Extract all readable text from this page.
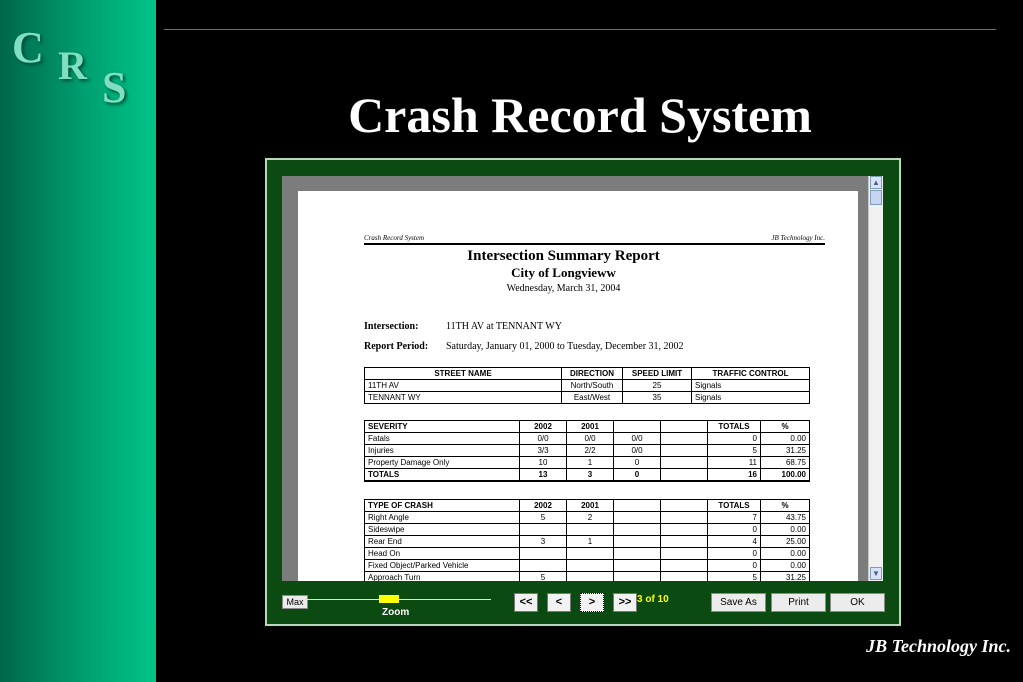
C R S	Crash Record System
Crash Record System	JB Technology Inc.
Intersection Summary Report
City of Longvieww
Wednesday, March 31, 2004
Intersection:	11TH AV at TENNANT WY
Report Period: Saturday, January 01, 2000 to Tuesday, December 31, 2002
STREET NAME	DIRECTION	SPEED LIMIT	TRAFFIC CONTROL
11TH AV	North/South	25	Signals
TENNANT WY	East/West	35	Signals
SEVERITY	2002	2001			TOTALS	%
Fatals	0/0	0/0	0/0		0	0.00
Injuries	3/3	2/2	0/0		5	31.25
Property Damage Only	10	1	0		11	68.75
TOTALS	13	3	0		16	100.00
TYPE OF CRASH	2002	2001			TOTALS	%
Right Angle	5	2			7	43.75
Sideswipe					0	0.00
Rear End	3	1			4	25.00
Head On					0	0.00
Fixed Object/Parked Vehicle					0	0.00
Approach Turn	5				5	31.25
▲
▼
Max
Zoom
<<	<	>	>> 3 of 10	Save As	Print	OK
JB Technology Inc.
